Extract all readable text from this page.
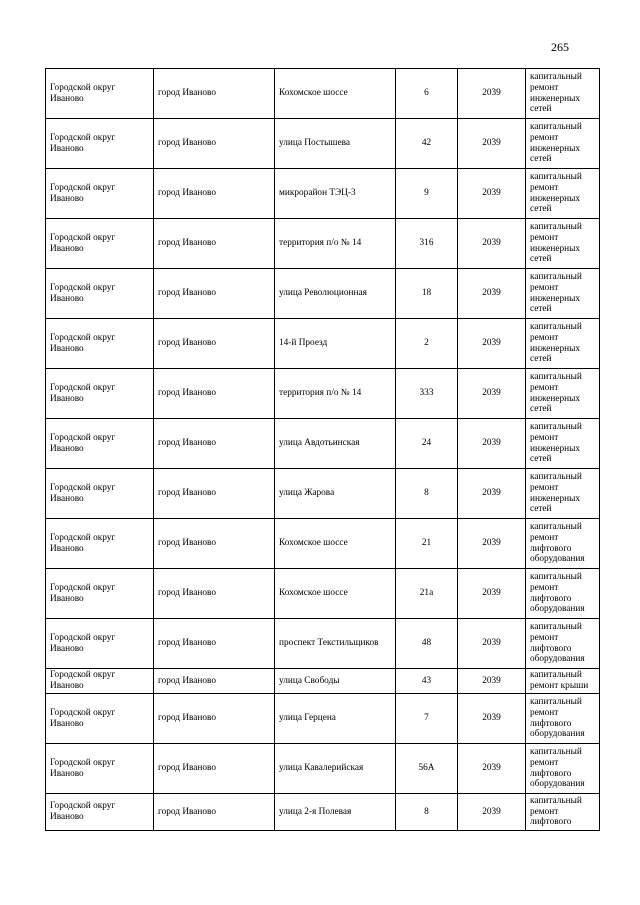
265
Городской округ Иваново	город Иваново	Кохомское шоссе	6	2039	капитальный ремонт инженерных сетей
Городской округ Иваново	город Иваново	улица Постышева	42	2039	капитальный ремонт инженерных сетей
Городской округ Иваново	город Иваново	микрорайон ТЭЦ-3	9	2039	капитальный ремонт инженерных сетей
Городской округ Иваново	город Иваново	территория п/о № 14	316	2039	капитальный ремонт инженерных сетей
Городской округ Иваново	город Иваново	улица Революционная	18	2039	капитальный ремонт инженерных сетей
Городской округ Иваново	город Иваново	14-й Проезд	2	2039	капитальный ремонт инженерных сетей
Городской округ Иваново	город Иваново	территория п/о № 14	333	2039	капитальный ремонт инженерных сетей
Городской округ Иваново	город Иваново	улица Авдотьинская	24	2039	капитальный ремонт инженерных сетей
Городской округ Иваново	город Иваново	улица Жарова	8	2039	капитальный ремонт инженерных сетей
Городской округ Иваново	город Иваново	Кохомское шоссе	21	2039	капитальный ремонт лифтового оборудования
Городской округ Иваново	город Иваново	Кохомское шоссе	21а	2039	капитальный ремонт лифтового оборудования
Городской округ Иваново	город Иваново	проспект Текстильщиков	48	2039	капитальный ремонт лифтового оборудования
Городской округ Иваново	город Иваново	улица Свободы	43	2039	капитальный ремонт крыши
Городской округ Иваново	город Иваново	улица Герцена	7	2039	капитальный ремонт лифтового оборудования
Городской округ Иваново	город Иваново	улица Кавалерийская	56А	2039	капитальный ремонт лифтового оборудования
Городской округ Иваново	город Иваново	улица 2-я Полевая	8	2039	капитальный ремонт лифтового
